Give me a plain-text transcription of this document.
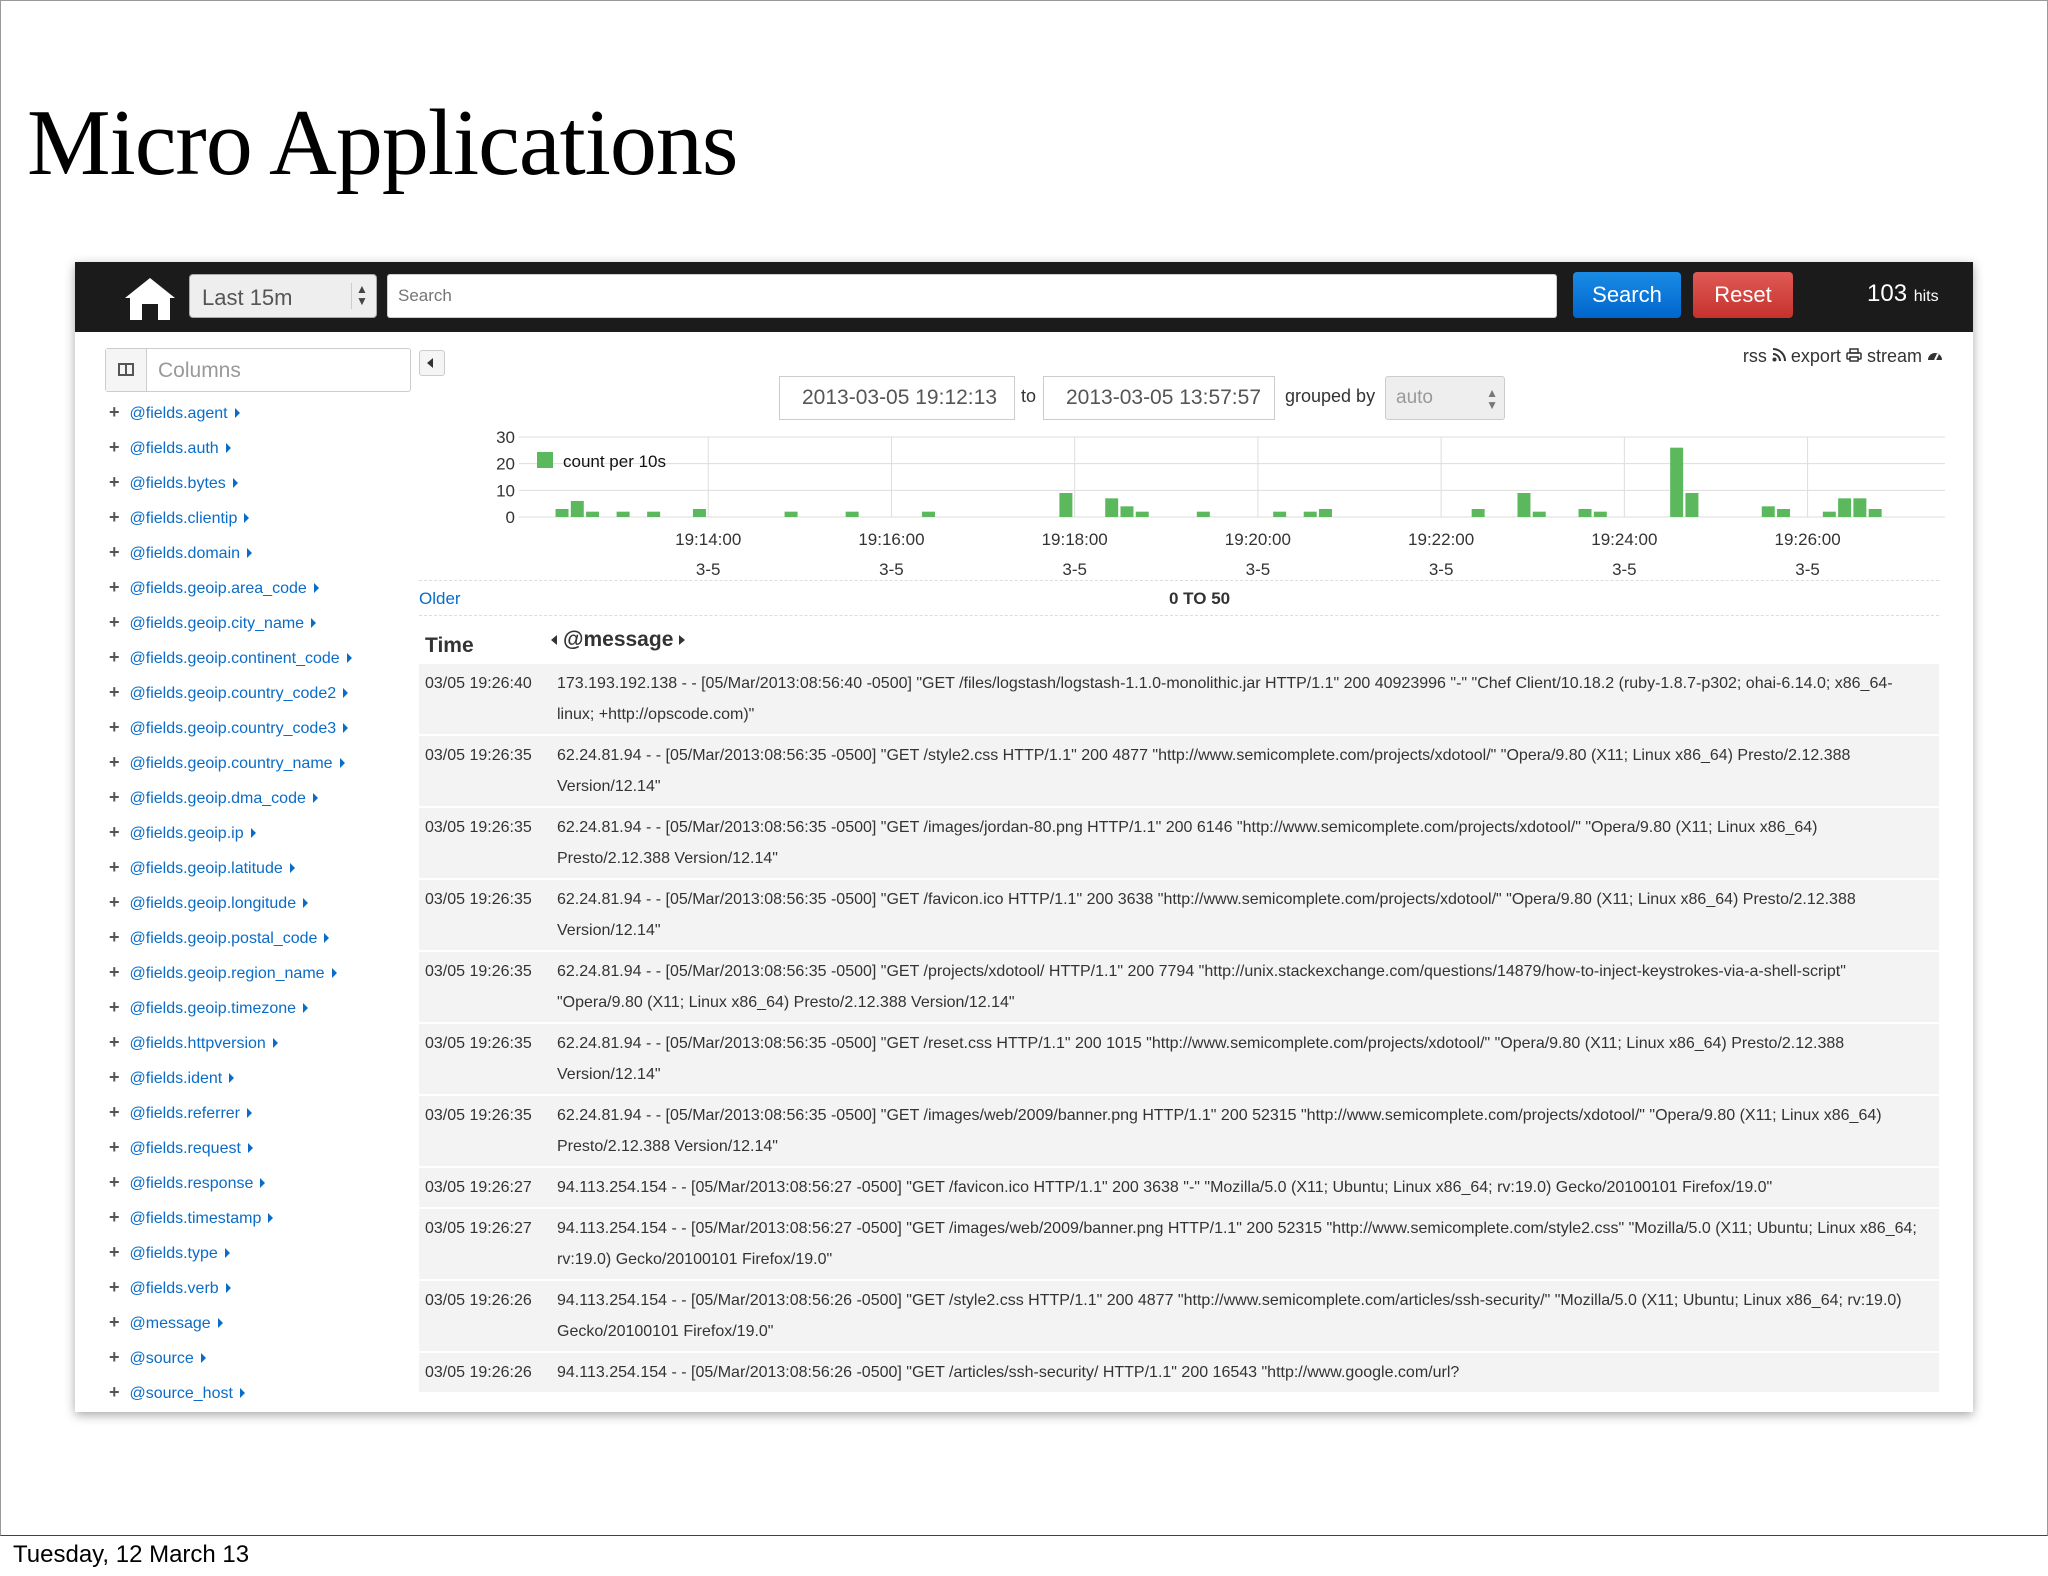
Micro Applications
Last 15m	▲
▼
Search	Search	Reset	103 hits
Columns
+ @fields.agent
+ @fields.auth
+ @fields.bytes
+ @fields.clientip
+ @fields.domain
+ @fields.geoip.area_code
+ @fields.geoip.city_name
+ @fields.geoip.continent_code
+ @fields.geoip.country_code2
+ @fields.geoip.country_code3
+ @fields.geoip.country_name
+ @fields.geoip.dma_code
+ @fields.geoip.ip
+ @fields.geoip.latitude
+ @fields.geoip.longitude
+ @fields.geoip.postal_code
+ @fields.geoip.region_name
+ @fields.geoip.timezone
+ @fields.httpversion
+ @fields.ident
+ @fields.referrer
+ @fields.request
+ @fields.response
+ @fields.timestamp
+ @fields.type
+ @fields.verb
+ @message
+ @source
+ @source_host
rss export stream
2013-03-05 19:12:13	to	2013-03-05 13:57:57	grouped by	auto	▲
▼
0
10
20
30
19:14:00
3-5
19:16:00
3-5
19:18:00
3-5
19:20:00
3-5
19:22:00
3-5
19:24:00
3-5
19:26:00
3-5
count per 10s
Older	0 TO 50
Time	@message
03/05 19:26:40	173.193.192.138 - - [05/Mar/2013:08:56:40 -0500] "GET /files/logstash/logstash-1.1.0-monolithic.jar HTTP/1.1" 200 40923996 "-" "Chef Client/10.18.2 (ruby-1.8.7-p302; ohai-6.14.0; x86_64-linux; +http://opscode.com)"
03/05 19:26:35	62.24.81.94 - - [05/Mar/2013:08:56:35 -0500] "GET /style2.css HTTP/1.1" 200 4877 "http://www.semicomplete.com/projects/xdotool/" "Opera/9.80 (X11; Linux x86_64) Presto/2.12.388 Version/12.14"
03/05 19:26:35	62.24.81.94 - - [05/Mar/2013:08:56:35 -0500] "GET /images/jordan-80.png HTTP/1.1" 200 6146 "http://www.semicomplete.com/projects/xdotool/" "Opera/9.80 (X11; Linux x86_64) Presto/2.12.388 Version/12.14"
03/05 19:26:35	62.24.81.94 - - [05/Mar/2013:08:56:35 -0500] "GET /favicon.ico HTTP/1.1" 200 3638 "http://www.semicomplete.com/projects/xdotool/" "Opera/9.80 (X11; Linux x86_64) Presto/2.12.388 Version/12.14"
03/05 19:26:35	62.24.81.94 - - [05/Mar/2013:08:56:35 -0500] "GET /projects/xdotool/ HTTP/1.1" 200 7794 "http://unix.stackexchange.com/questions/14879/how-to-inject-keystrokes-via-a-shell-script" "Opera/9.80 (X11; Linux x86_64) Presto/2.12.388 Version/12.14"
03/05 19:26:35	62.24.81.94 - - [05/Mar/2013:08:56:35 -0500] "GET /reset.css HTTP/1.1" 200 1015 "http://www.semicomplete.com/projects/xdotool/" "Opera/9.80 (X11; Linux x86_64) Presto/2.12.388 Version/12.14"
03/05 19:26:35	62.24.81.94 - - [05/Mar/2013:08:56:35 -0500] "GET /images/web/2009/banner.png HTTP/1.1" 200 52315 "http://www.semicomplete.com/projects/xdotool/" "Opera/9.80 (X11; Linux x86_64) Presto/2.12.388 Version/12.14"
03/05 19:26:27	94.113.254.154 - - [05/Mar/2013:08:56:27 -0500] "GET /favicon.ico HTTP/1.1" 200 3638 "-" "Mozilla/5.0 (X11; Ubuntu; Linux x86_64; rv:19.0) Gecko/20100101 Firefox/19.0"
03/05 19:26:27	94.113.254.154 - - [05/Mar/2013:08:56:27 -0500] "GET /images/web/2009/banner.png HTTP/1.1" 200 52315 "http://www.semicomplete.com/style2.css" "Mozilla/5.0 (X11; Ubuntu; Linux x86_64; rv:19.0) Gecko/20100101 Firefox/19.0"
03/05 19:26:26	94.113.254.154 - - [05/Mar/2013:08:56:26 -0500] "GET /style2.css HTTP/1.1" 200 4877 "http://www.semicomplete.com/articles/ssh-security/" "Mozilla/5.0 (X11; Ubuntu; Linux x86_64; rv:19.0) Gecko/20100101 Firefox/19.0"
03/05 19:26:26	94.113.254.154 - - [05/Mar/2013:08:56:26 -0500] "GET /articles/ssh-security/ HTTP/1.1" 200 16543 "http://www.google.com/url?
Tuesday, 12 March 13
